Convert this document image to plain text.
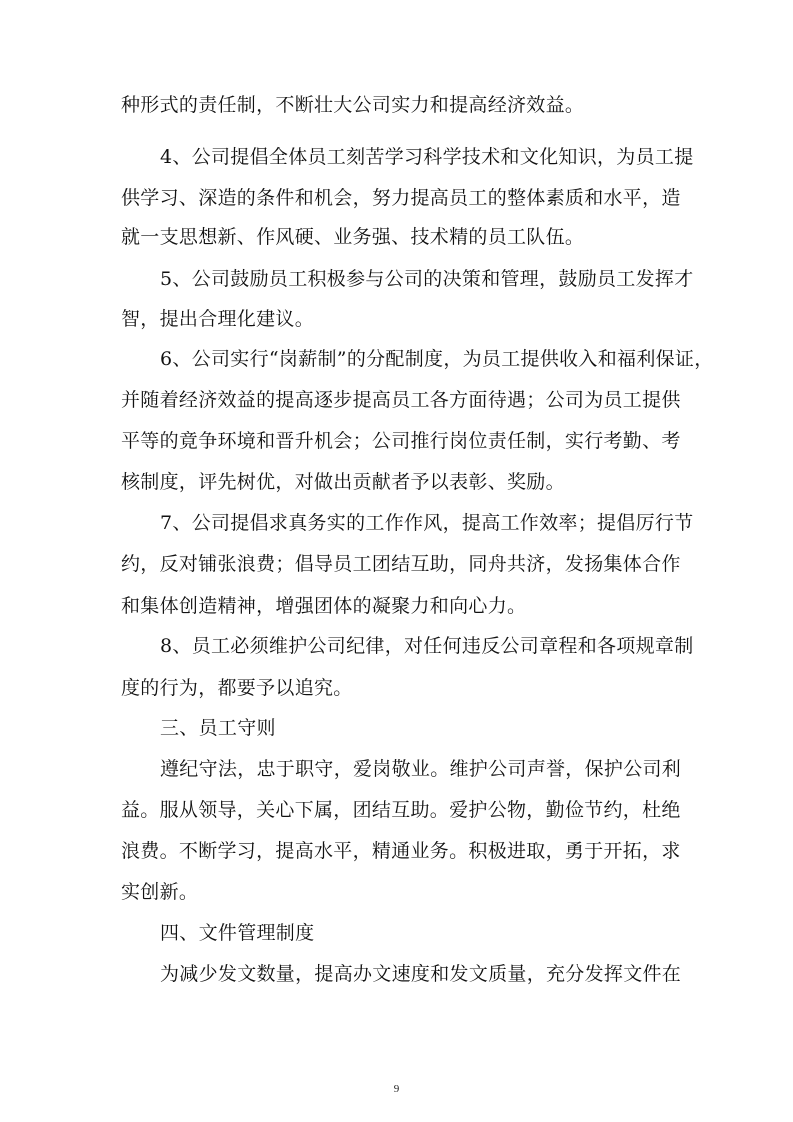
种形式的责任制，不断壮大公司实力和提高经济效益。
4、公司提倡全体员工刻苦学习科学技术和文化知识，为员工提
供学习、深造的条件和机会，努力提高员工的整体素质和水平，造
就一支思想新、作风硬、业务强、技术精的员工队伍。
5、公司鼓励员工积极参与公司的决策和管理，鼓励员工发挥才
智，提出合理化建议。
6、公司实行“岗薪制”的分配制度，为员工提供收入和福利保证，
并随着经济效益的提高逐步提高员工各方面待遇；公司为员工提供
平等的竟争环境和晋升机会；公司推行岗位责任制，实行考勤、考
核制度，评先树优，对做出贡献者予以表彰、奖励。
7、公司提倡求真务实的工作作风，提高工作效率；提倡厉行节
约，反对铺张浪费；倡导员工团结互助，同舟共济，发扬集体合作
和集体创造精神，增强团体的凝聚力和向心力。
8、员工必须维护公司纪律，对任何违反公司章程和各项规章制
度的行为，都要予以追究。
三、员工守则
遵纪守法，忠于职守，爱岗敬业。维护公司声誉，保护公司利
益。服从领导，关心下属，团结互助。爱护公物，勤俭节约，杜绝
浪费。不断学习，提高水平，精通业务。积极进取，勇于开拓，求
实创新。
四、文件管理制度
为减少发文数量，提高办文速度和发文质量，充分发挥文件在
9
